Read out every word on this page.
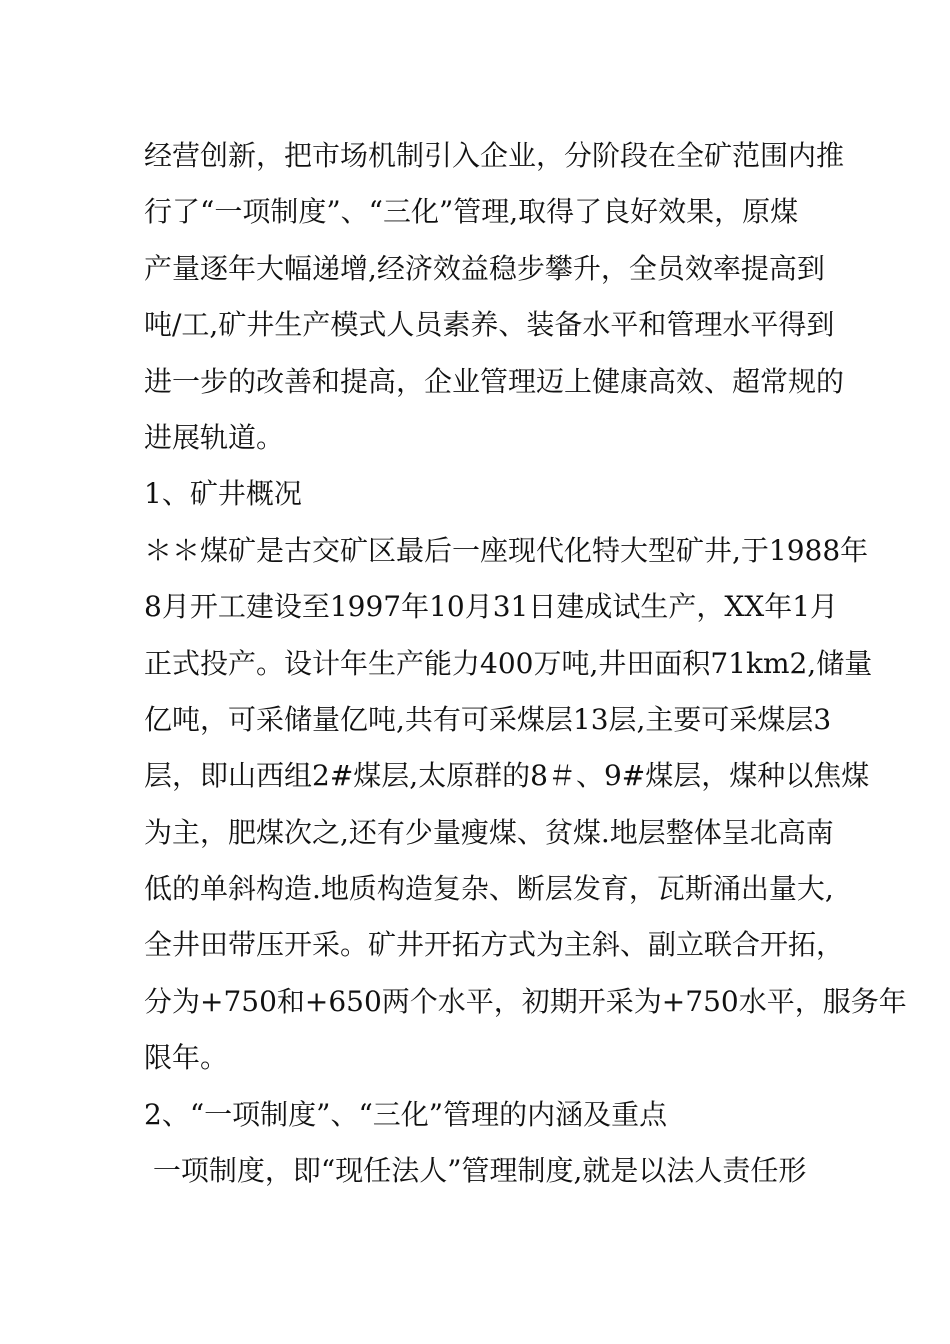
经营创新，把市场机制引入企业，分阶段在全矿范围内推
行了“一项制度”、“三化”管理,取得了良好效果，原煤
产量逐年大幅递增,经济效益稳步攀升，全员效率提高到
吨/工,矿井生产模式人员素养、装备水平和管理水平得到
进一步的改善和提高，企业管理迈上健康高效、超常规的
进展轨道。
1、矿井概况
＊＊煤矿是古交矿区最后一座现代化特大型矿井,于1988年
8月开工建设至1997年10月31日建成试生产，XX年1月
正式投产。设计年生产能力400万吨,井田面积71km2,储量
亿吨，可采储量亿吨,共有可采煤层13层,主要可采煤层3
层，即山西组2#煤层,太原群的8＃、9#煤层，煤种以焦煤
为主，肥煤次之,还有少量瘦煤、贫煤.地层整体呈北高南
低的单斜构造.地质构造复杂、断层发育，瓦斯涌出量大,
全井田带压开采。矿井开拓方式为主斜、副立联合开拓，
分为+750和+650两个水平，初期开采为+750水平，服务年
限年。
2、“一项制度”、“三化”管理的内涵及重点
一项制度，即“现任法人”管理制度,就是以法人责任形
